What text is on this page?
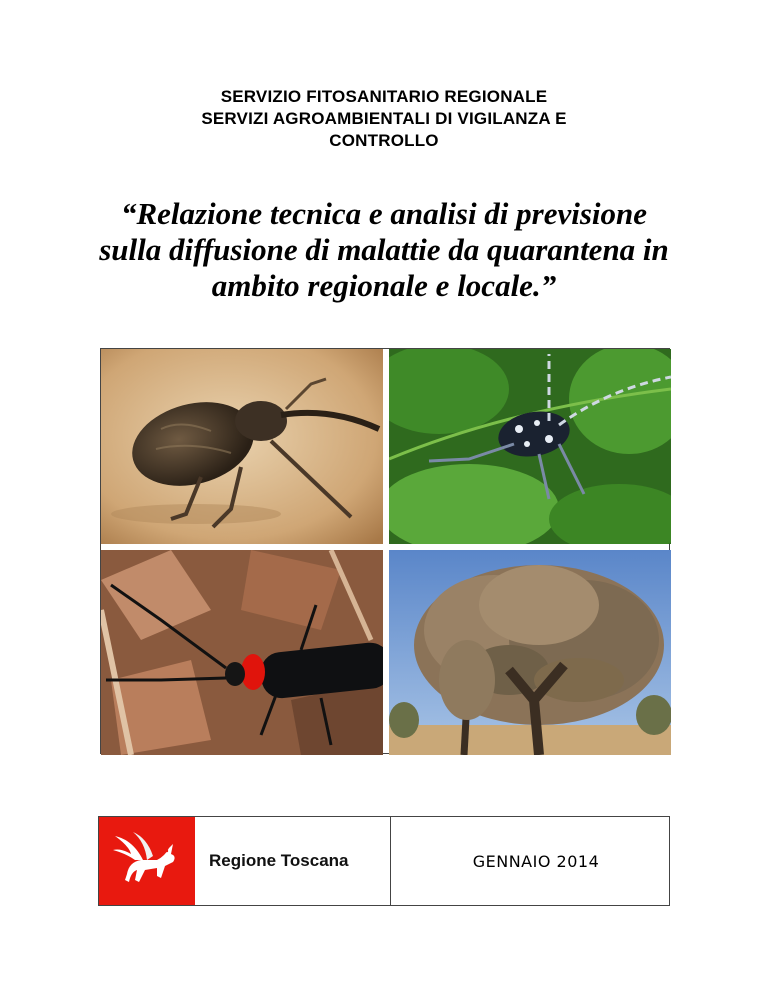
SERVIZIO FITOSANITARIO REGIONALE
SERVIZI AGROAMBIENTALI DI VIGILANZA E
CONTROLLO
“Relazione tecnica e analisi di previsione
sulla diffusione di malattie da quarantena in
ambito regionale e locale.”
Regione Toscana	GENNAIO 2014
